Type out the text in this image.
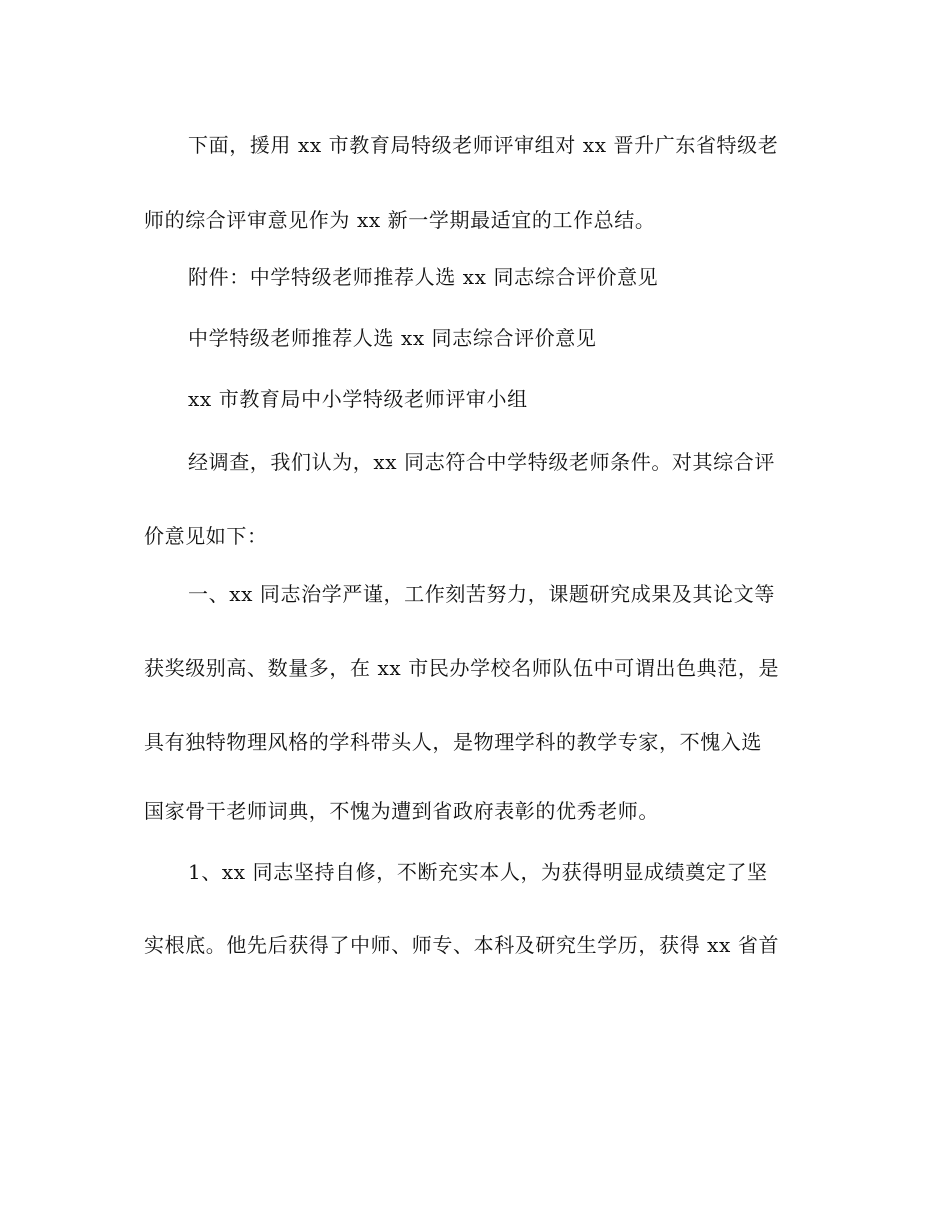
下面，援用 xx 市教育局特级老师评审组对 xx 晋升广东省特级老
师的综合评审意见作为 xx 新一学期最适宜的工作总结。
附件：中学特级老师推荐人选 xx 同志综合评价意见
中学特级老师推荐人选 xx 同志综合评价意见
xx 市教育局中小学特级老师评审小组
经调查，我们认为，xx 同志符合中学特级老师条件。对其综合评
价意见如下：
一、xx 同志治学严谨，工作刻苦努力，课题研究成果及其论文等
获奖级别高、数量多，在 xx 市民办学校名师队伍中可谓出色典范，是
具有独特物理风格的学科带头人，是物理学科的教学专家，不愧入选
国家骨干老师词典，不愧为遭到省政府表彰的优秀老师。
1、xx 同志坚持自修，不断充实本人，为获得明显成绩奠定了坚
实根底。他先后获得了中师、师专、本科及研究生学历，获得 xx 省首
